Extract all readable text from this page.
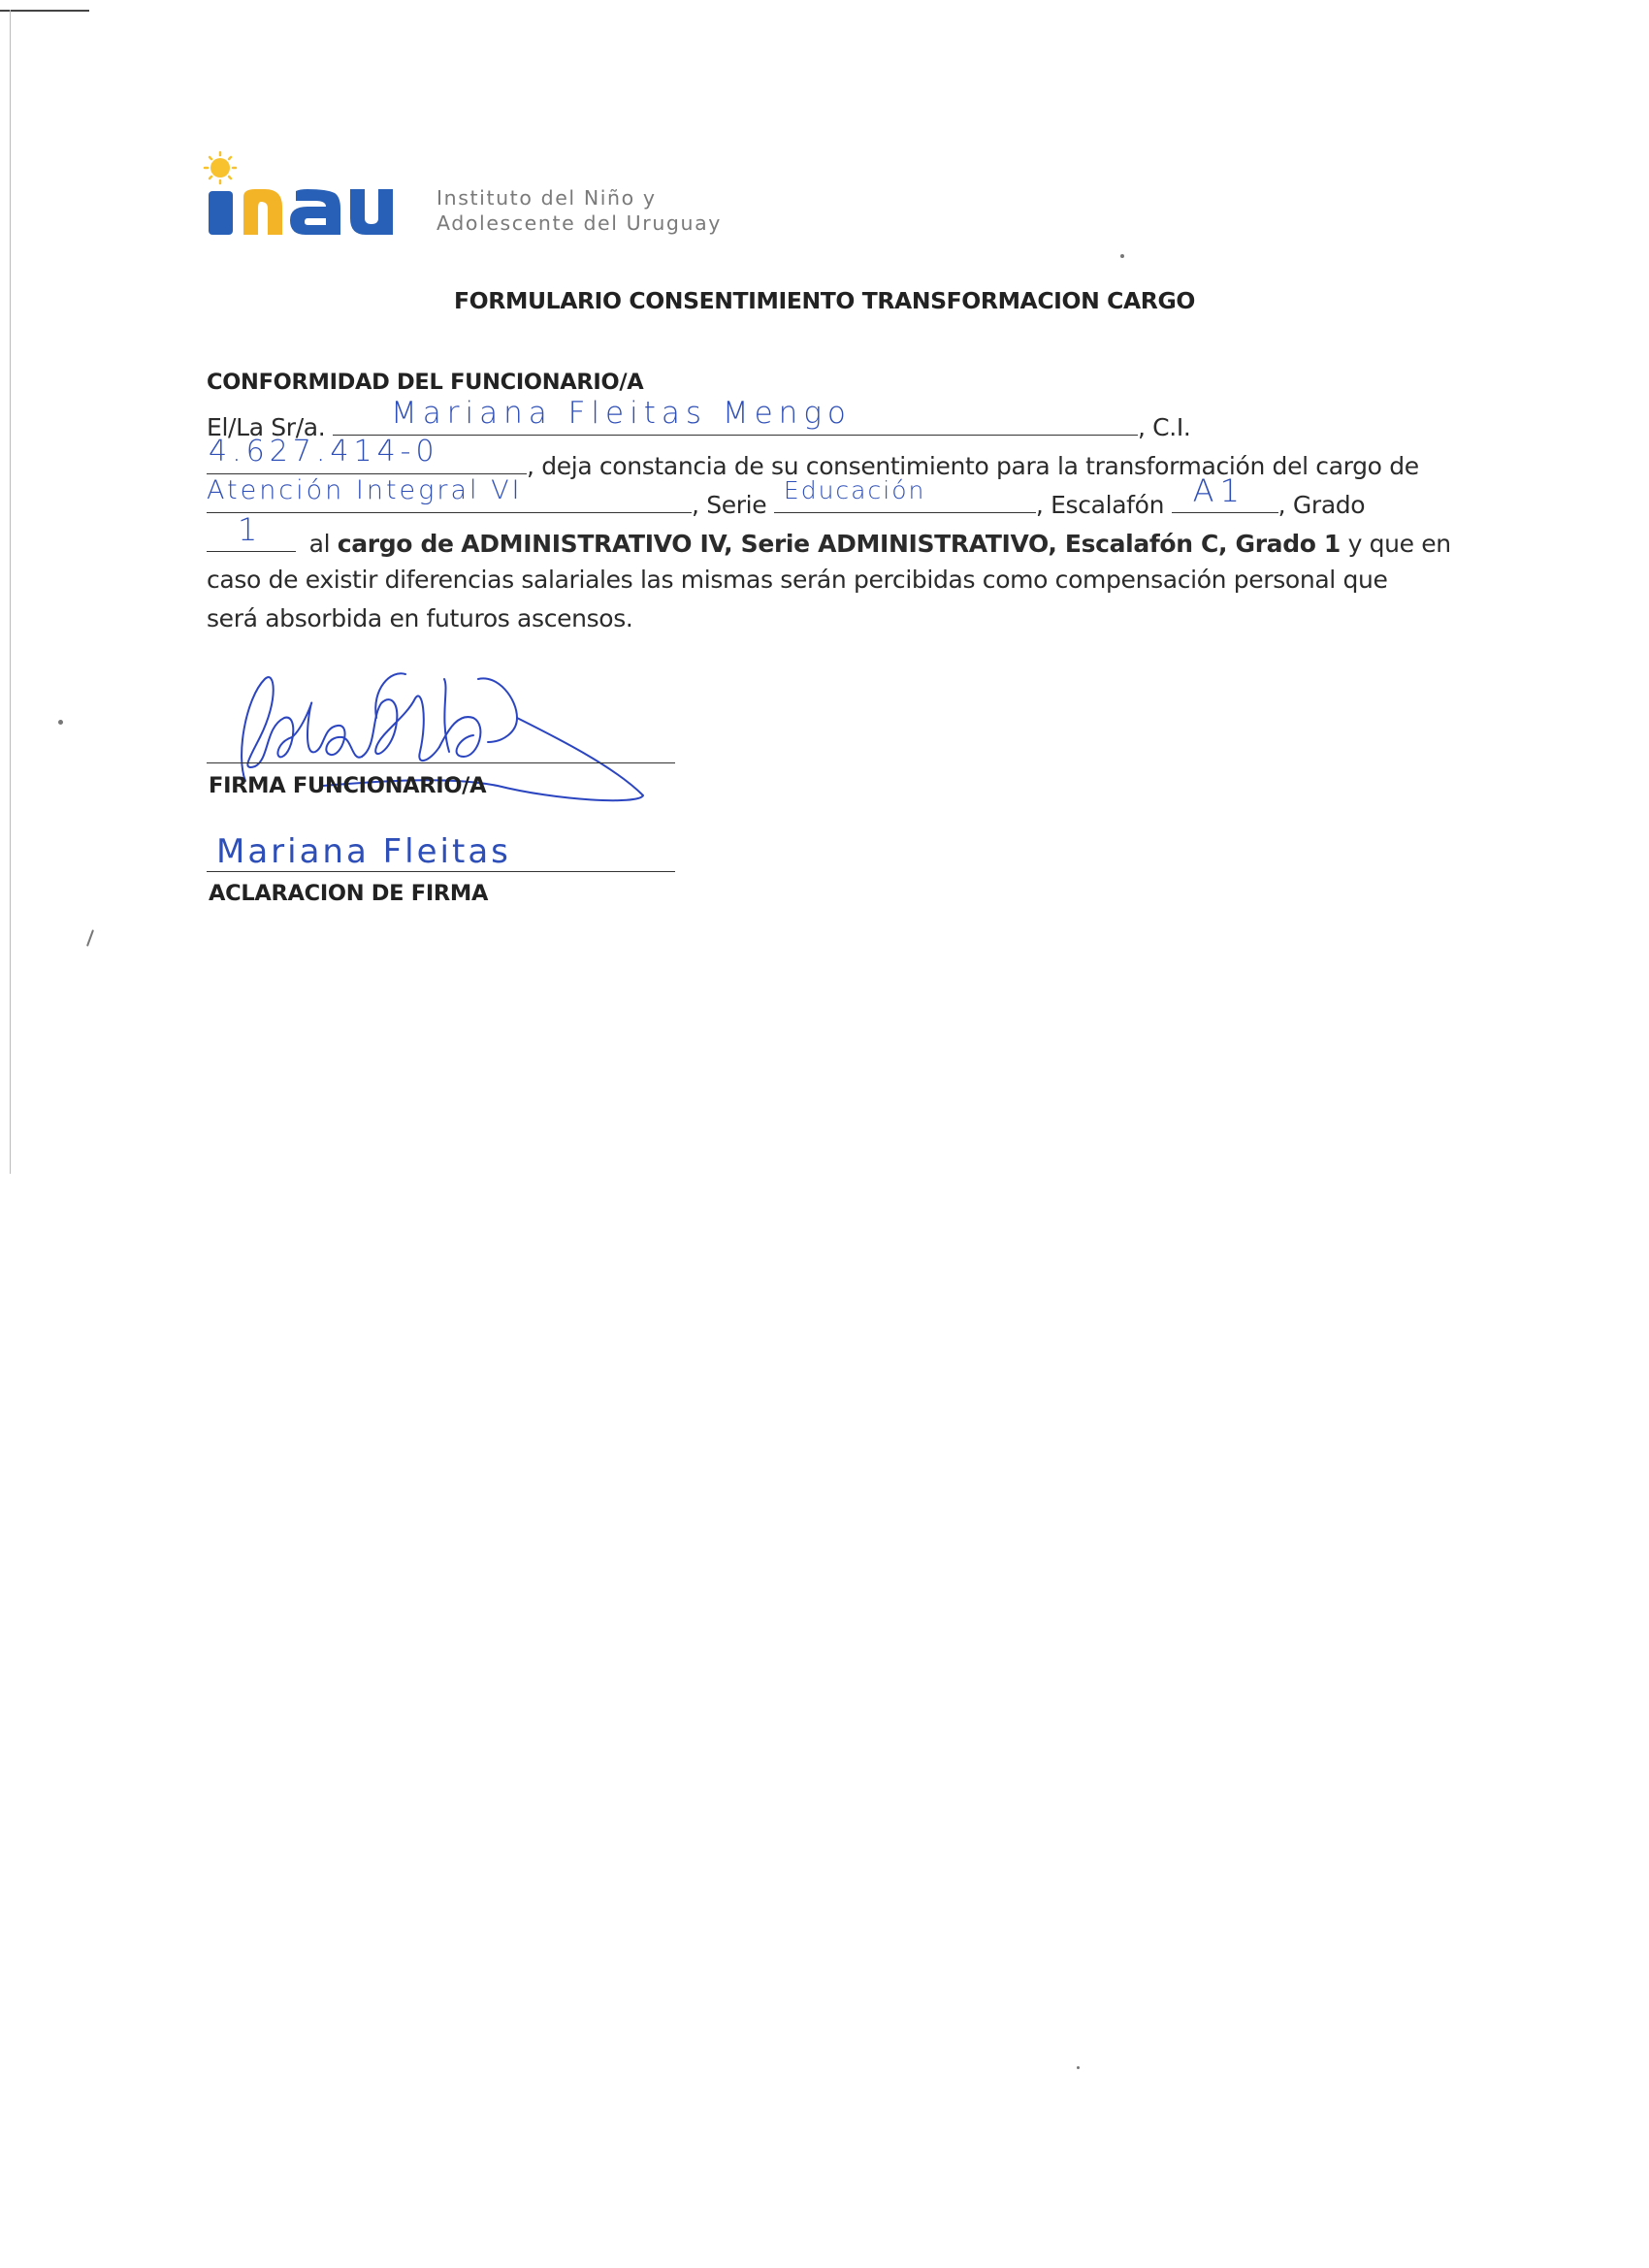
Instituto del Niño y
Adolescente del Uruguay
FORMULARIO CONSENTIMIENTO TRANSFORMACION CARGO
CONFORMIDAD DEL FUNCIONARIO/A
El/La Sr/a. Mariana Fleitas Mengo	, C.I.
4.627.414-0	, deja constancia de su consentimiento para la transformación del cargo de
Atención Integral VI	, Serie
Educación
, Escalafón A1 , Grado
1 al cargo de ADMINISTRATIVO IV, Serie ADMINISTRATIVO, Escalafón C, Grado 1 y que en
caso de existir diferencias salariales las mismas serán percibidas como compensación personal que
será absorbida en futuros ascensos.
FIRMA FUNCIONARIO/A
Mariana Fleitas
ACLARACION DE FIRMA
